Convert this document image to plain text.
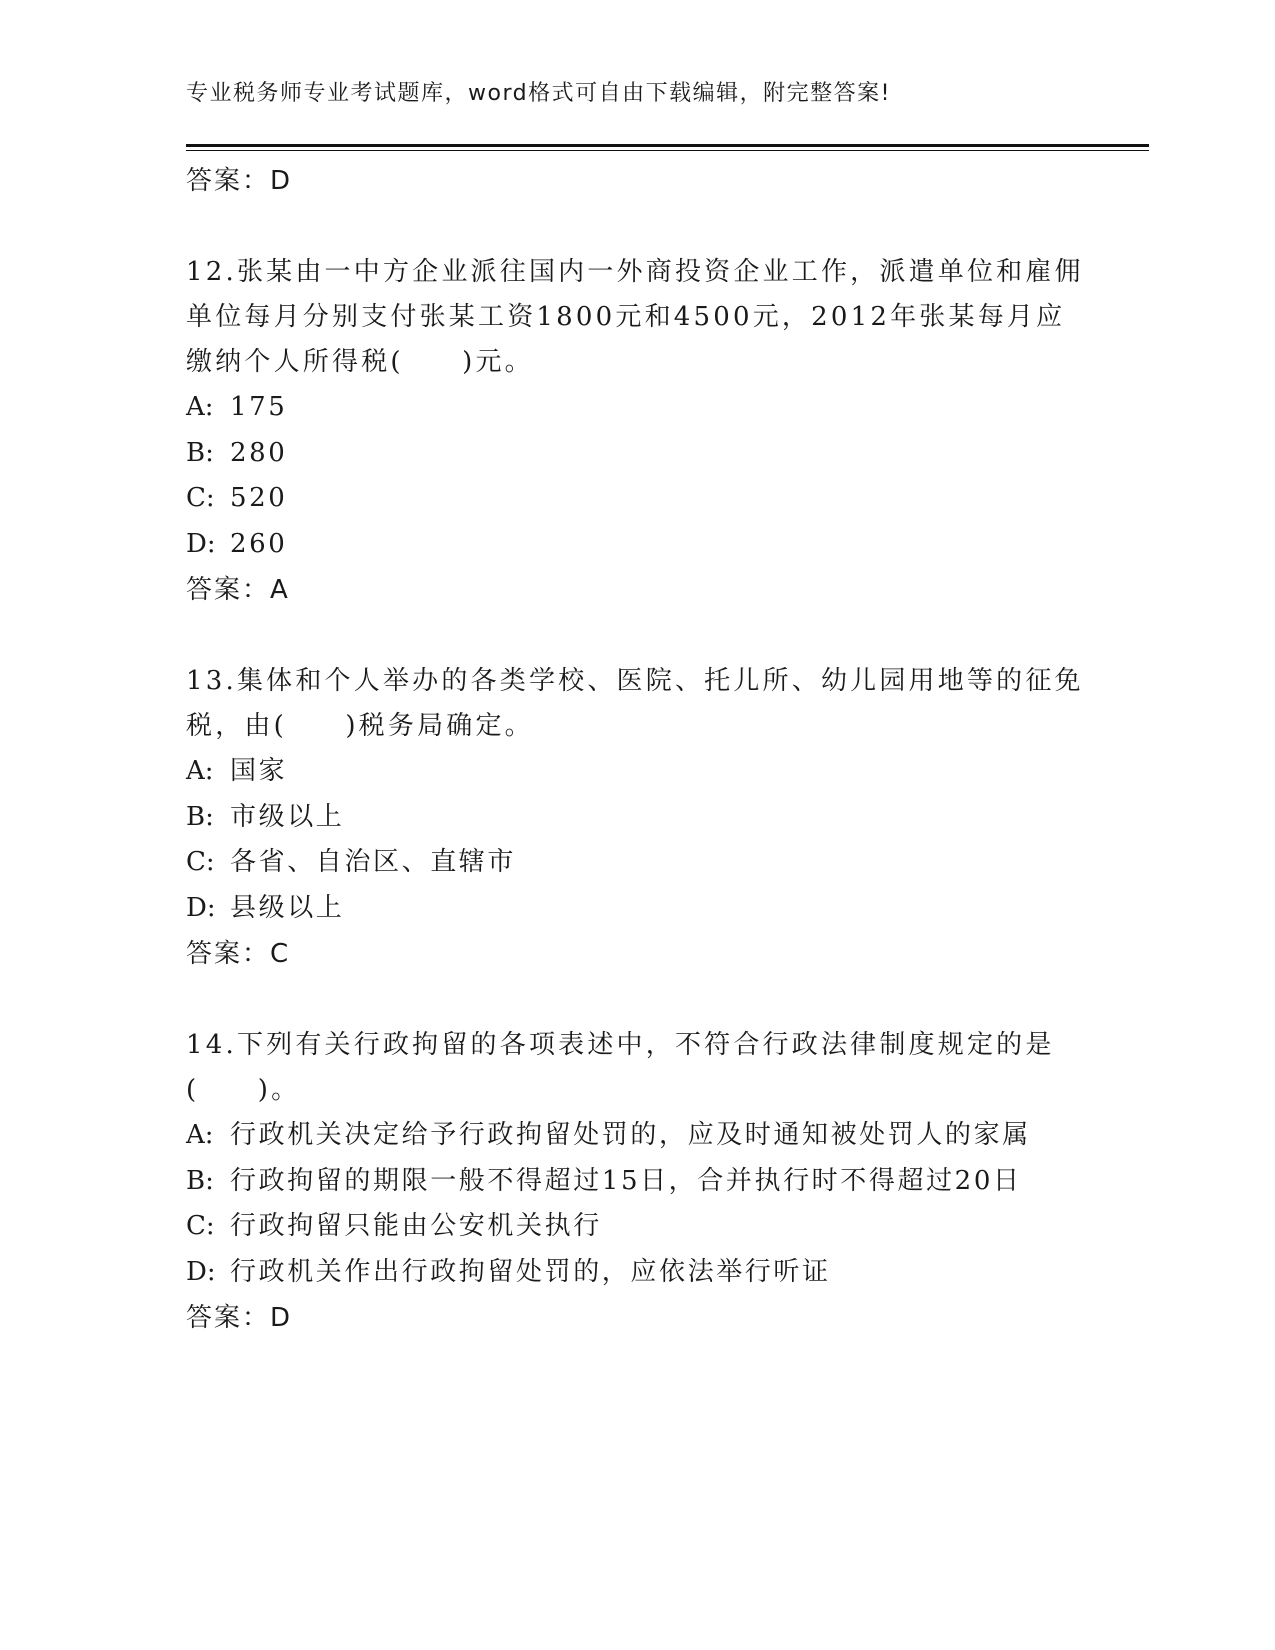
专业税务师专业考试题库，word格式可自由下载编辑，附完整答案!
答案：D
12.张某由一中方企业派往国内一外商投资企业工作，派遣单位和雇佣单位每月分别支付张某工资1800元和4500元，2012年张某每月应缴纳个人所得税(　　)元。
A: 175
B: 280
C: 520
D: 260
答案：A
13.集体和个人举办的各类学校、医院、托儿所、幼儿园用地等的征免税，由(　　)税务局确定。
A: 国家
B: 市级以上
C: 各省、自治区、直辖市
D: 县级以上
答案：C
14.下列有关行政拘留的各项表述中，不符合行政法律制度规定的是(　　)。
A: 行政机关决定给予行政拘留处罚的，应及时通知被处罚人的家属
B: 行政拘留的期限一般不得超过15日，合并执行时不得超过20日
C: 行政拘留只能由公安机关执行
D: 行政机关作出行政拘留处罚的，应依法举行听证
答案：D
